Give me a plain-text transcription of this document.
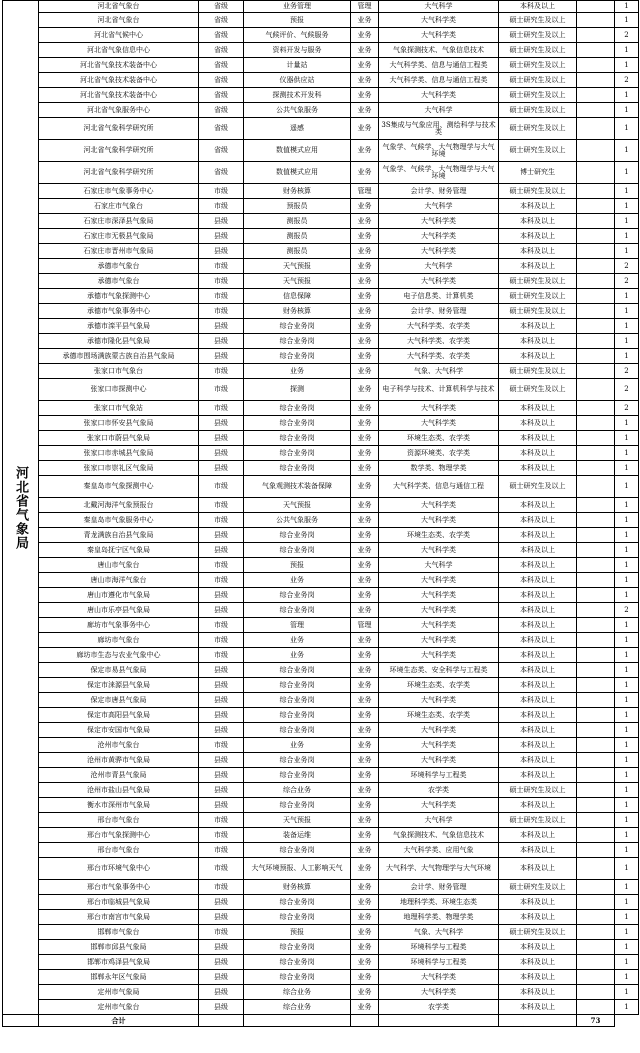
河北省气象局	河北省气象台	省级	业务管理	管理	大气科学	本科及以上		1
	河北省气象台	省级	预报	业务	大气科学类	硕士研究生及以上		1
	河北省气候中心	省级	气候评价、气候服务	业务	大气科学类	硕士研究生及以上		2
	河北省气象信息中心	省级	资料开发与服务	业务	气象探测技术、气象信息技术	硕士研究生及以上		1
	河北省气象技术装备中心	省级	计量站	业务	大气科学类、信息与通信工程类	硕士研究生及以上		1
	河北省气象技术装备中心	省级	仪器供应站	业务	大气科学类、信息与通信工程类	硕士研究生及以上		2
	河北省气象技术装备中心	省级	探测技术开发科	业务	大气科学类	硕士研究生及以上		1
	河北省气象服务中心	省级	公共气象服务	业务	大气科学	硕士研究生及以上		1
	河北省气象科学研究所	省级	遥感	业务	3S集成与气象应用、测绘科学与技术类	硕士研究生及以上		1
	河北省气象科学研究所	省级	数值模式应用	业务	气象学、气候学、大气物理学与大气环境	硕士研究生及以上		1
	河北省气象科学研究所	省级	数值模式应用	业务	气象学、气候学、大气物理学与大气环境	博士研究生		1
	石家庄市气象事务中心	市级	财务核算	管理	会计学、财务管理	硕士研究生及以上		1
	石家庄市气象台	市级	预报员	业务	大气科学	本科及以上		1
	石家庄市深泽县气象局	县级	测报员	业务	大气科学类	本科及以上		1
	石家庄市无极县气象局	县级	测报员	业务	大气科学类	本科及以上		1
	石家庄市晋州市气象局	县级	测报员	业务	大气科学类	本科及以上		1
	承德市气象台	市级	天气预报	业务	大气科学	本科及以上		2
	承德市气象台	市级	天气预报	业务	大气科学类	硕士研究生及以上		2
	承德市气象探测中心	市级	信息保障	业务	电子信息类、计算机类	硕士研究生及以上		1
	承德市气象事务中心	市级	财务核算	业务	会计学、财务管理	硕士研究生及以上		1
	承德市滦平县气象局	县级	综合业务岗	业务	大气科学类、农学类	本科及以上		1
	承德市隆化县气象局	县级	综合业务岗	业务	大气科学类、农学类	本科及以上		1
	承德市围场满族蒙古族自治县气象局	县级	综合业务岗	业务	大气科学类、农学类	本科及以上		1
	张家口市气象台	市级	业务	业务	气象、大气科学	硕士研究生及以上		2
	张家口市探测中心	市级	探测	业务	电子科学与技术、计算机科学与技术	硕士研究生及以上		2
	张家口市气象站	市级	综合业务岗	业务	大气科学类	本科及以上		2
	张家口市怀安县气象局	县级	综合业务岗	业务	大气科学类	本科及以上		1
	张家口市蔚县气象局	县级	综合业务岗	业务	环境生态类、农学类	本科及以上		1
	张家口市赤城县气象局	县级	综合业务岗	业务	资源环境类、农学类	本科及以上		1
	张家口市崇礼区气象局	县级	综合业务岗	业务	数学类、物理学类	本科及以上		1
	秦皇岛市气象探测中心	市级	气象观测技术装备保障	业务	大气科学类、信息与通信工程	硕士研究生及以上		1
	北戴河海洋气象预报台	市级	天气预报	业务	大气科学类	本科及以上		1
	秦皇岛市气象服务中心	市级	公共气象服务	业务	大气科学类	本科及以上		1
	青龙满族自治县气象局	县级	综合业务岗	业务	环境生态类、农学类	本科及以上		1
	秦皇岛抚宁区气象局	县级	综合业务岗	业务	大气科学类	本科及以上		1
	唐山市气象台	市级	预报	业务	大气科学	本科及以上		1
	唐山市海洋气象台	市级	业务	业务	大气科学类	本科及以上		1
	唐山市遵化市气象局	县级	综合业务岗	业务	大气科学类	本科及以上		1
	唐山市乐亭县气象局	县级	综合业务岗	业务	大气科学类	本科及以上		2
	廊坊市气象事务中心	市级	管理	管理	大气科学类	本科及以上		1
	廊坊市气象台	市级	业务	业务	大气科学类	本科及以上		1
	廊坊市生态与农业气象中心	市级	业务	业务	大气科学类	本科及以上		1
	保定市易县气象局	县级	综合业务岗	业务	环境生态类、安全科学与工程类	本科及以上		1
	保定市涞源县气象局	县级	综合业务岗	业务	环境生态类、农学类	本科及以上		1
	保定市唐县气象局	县级	综合业务岗	业务	大气科学类	本科及以上		1
	保定市高阳县气象局	县级	综合业务岗	业务	环境生态类、农学类	本科及以上		1
	保定市安国市气象局	县级	综合业务岗	业务	大气科学类	本科及以上		1
	沧州市气象台	市级	业务	业务	大气科学类	本科及以上		1
	沧州市黄骅市气象局	县级	综合业务岗	业务	大气科学类	本科及以上		1
	沧州市青县气象局	县级	综合业务岗	业务	环境科学与工程类	本科及以上		1
	沧州市盐山县气象局	县级	综合业务	业务	农学类	硕士研究生及以上		1
	衡水市深州市气象局	县级	综合业务岗	业务	大气科学类	本科及以上		1
	邢台市气象台	市级	天气预报	业务	大气科学	硕士研究生及以上		1
	邢台市气象探测中心	市级	装备运维	业务	气象探测技术、气象信息技术	本科及以上		1
	邢台市气象台	市级	综合业务岗	业务	大气科学类、应用气象	本科及以上		1
	邢台市环境气象中心	市级	大气环境预报、人工影响天气	业务	大气科学、大气物理学与大气环境	本科及以上		1
	邢台市气象事务中心	市级	财务核算	业务	会计学、财务管理	硕士研究生及以上		1
	邢台市临城县气象局	县级	综合业务岗	业务	地理科学类、环境生态类	本科及以上		1
	邢台市南宫市气象局	县级	综合业务岗	业务	地理科学类、物理学类	本科及以上		1
	邯郸市气象台	市级	预报	业务	气象、大气科学	硕士研究生及以上		1
	邯郸市邱县气象局	县级	综合业务岗	业务	环境科学与工程类	本科及以上		1
	邯郸市鸡泽县气象局	县级	综合业务岗	业务	环境科学与工程类	本科及以上		1
	邯郸永年区气象局	县级	综合业务岗	业务	大气科学类	本科及以上		1
	定州市气象局	县级	综合业务	业务	大气科学类	本科及以上		1
	定州市气象台	县级	综合业务	业务	农学类	本科及以上		1
	合计						73	
